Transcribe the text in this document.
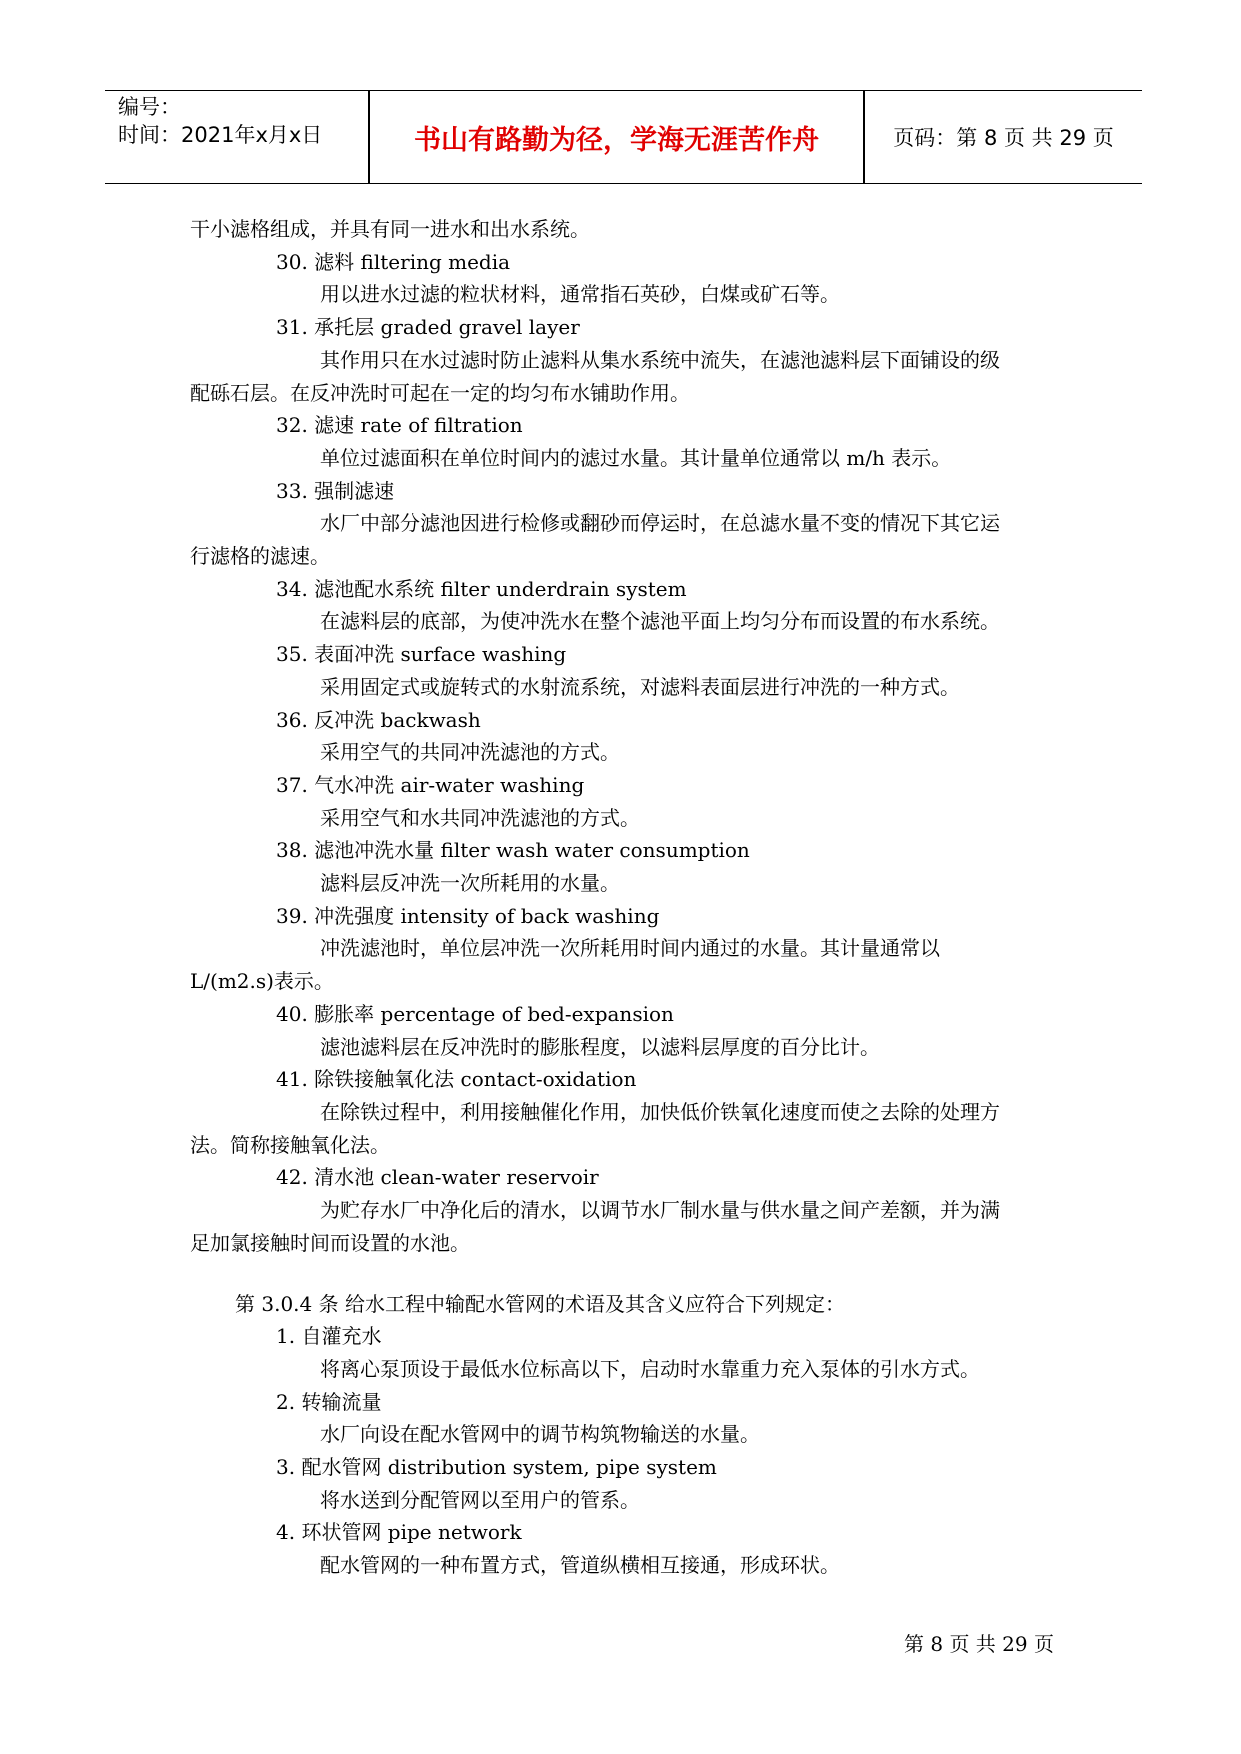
编号：
时间：2021年x月x日	书山有路勤为径，学海无涯苦作舟	页码：第 8 页 共 29 页
干小滤格组成，并具有同一进水和出水系统。
30. 滤料 filtering media
用以进水过滤的粒状材料，通常指石英砂，白煤或矿石等。
31. 承托层 graded gravel layer
其作用只在水过滤时防止滤料从集水系统中流失，在滤池滤料层下面铺设的级
配砾石层。在反冲洗时可起在一定的均匀布水铺助作用。
32. 滤速 rate of filtration
单位过滤面积在单位时间内的滤过水量。其计量单位通常以 m/h 表示。
33. 强制滤速
水厂中部分滤池因进行检修或翻砂而停运时，在总滤水量不变的情况下其它运
行滤格的滤速。
34. 滤池配水系统 filter underdrain system
在滤料层的底部，为使冲洗水在整个滤池平面上均匀分布而设置的布水系统。
35. 表面冲洗 surface washing
采用固定式或旋转式的水射流系统，对滤料表面层进行冲洗的一种方式。
36. 反冲洗 backwash
采用空气的共同冲洗滤池的方式。
37. 气水冲洗 air-water washing
采用空气和水共同冲洗滤池的方式。
38. 滤池冲洗水量 filter wash water consumption
滤料层反冲洗一次所耗用的水量。
39. 冲洗强度 intensity of back washing
冲洗滤池时，单位层冲洗一次所耗用时间内通过的水量。其计量通常以
L/(m2.s)表示。
40. 膨胀率 percentage of bed-expansion
滤池滤料层在反冲洗时的膨胀程度，以滤料层厚度的百分比计。
41. 除铁接触氧化法 contact-oxidation
在除铁过程中，利用接触催化作用，加快低价铁氧化速度而使之去除的处理方
法。简称接触氧化法。
42. 清水池 clean-water reservoir
为贮存水厂中净化后的清水，以调节水厂制水量与供水量之间产差额，并为满
足加氯接触时间而设置的水池。
第 3.0.4 条 给水工程中输配水管网的术语及其含义应符合下列规定：
1. 自灌充水
将离心泵顶设于最低水位标高以下，启动时水靠重力充入泵体的引水方式。
2. 转输流量
水厂向设在配水管网中的调节构筑物输送的水量。
3. 配水管网 distribution system, pipe system
将水送到分配管网以至用户的管系。
4. 环状管网 pipe network
配水管网的一种布置方式，管道纵横相互接通，形成环状。
第 8 页 共 29 页
